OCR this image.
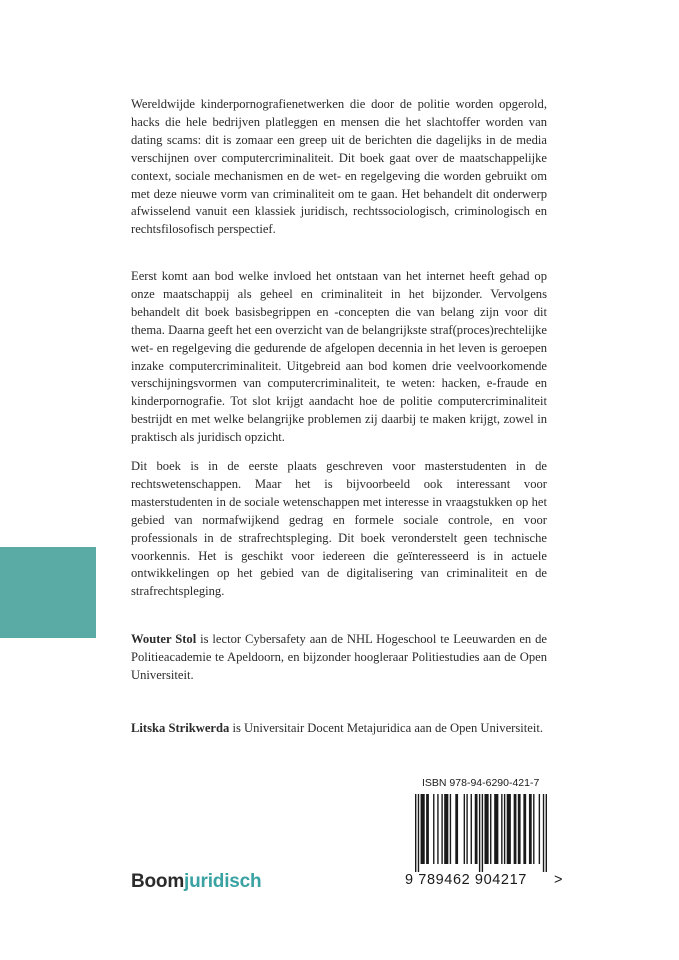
Wereldwijde kinderpornografienetwerken die door de politie worden opgerold, hacks die hele bedrijven platleggen en mensen die het slachtoffer worden van dating scams: dit is zomaar een greep uit de berichten die dagelijks in de media verschijnen over computercriminaliteit. Dit boek gaat over de maatschappelijke context, sociale mechanismen en de wet- en regelgeving die worden gebruikt om met deze nieuwe vorm van criminaliteit om te gaan. Het behandelt dit onderwerp afwisselend vanuit een klassiek juridisch, rechtssociologisch, criminologisch en rechtsfilosofisch perspectief.

Eerst komt aan bod welke invloed het ontstaan van het internet heeft gehad op onze maatschappij als geheel en criminaliteit in het bijzonder. Vervolgens behandelt dit boek basisbegrippen en -concepten die van belang zijn voor dit thema. Daarna geeft het een overzicht van de belangrijkste straf(proces)rechtelijke wet- en regelgeving die gedurende de afgelopen decennia in het leven is geroepen inzake computercriminaliteit. Uitgebreid aan bod komen drie veelvoorkomende verschijningsvormen van computercriminaliteit, te weten: hacken, e-fraude en kinderpornografie. Tot slot krijgt aandacht hoe de politie computercriminaliteit bestrijdt en met welke belangrijke problemen zij daarbij te maken krijgt, zowel in praktisch als juridisch opzicht.

Dit boek is in de eerste plaats geschreven voor masterstudenten in de rechtswetenschappen. Maar het is bijvoorbeeld ook interessant voor masterstudenten in de sociale wetenschappen met interesse in vraagstukken op het gebied van normafwijkend gedrag en formele sociale controle, en voor professionals in de strafrechtspleging. Dit boek veronderstelt geen technische voorkennis. Het is geschikt voor iedereen die geïnteresseerd is in actuele ontwikkelingen op het gebied van de digitalisering van criminaliteit en de strafrechtspleging.

Wouter Stol is lector Cybersafety aan de NHL Hogeschool te Leeuwarden en de Politieacademie te Apeldoorn, en bijzonder hoogleraar Politiestudies aan de Open Universiteit.

Litska Strikwerda is Universitair Docent Metajuridica aan de Open Universiteit.

ISBN 978-94-6290-421-7
9 789462 904217 >
Boomjuridisch
